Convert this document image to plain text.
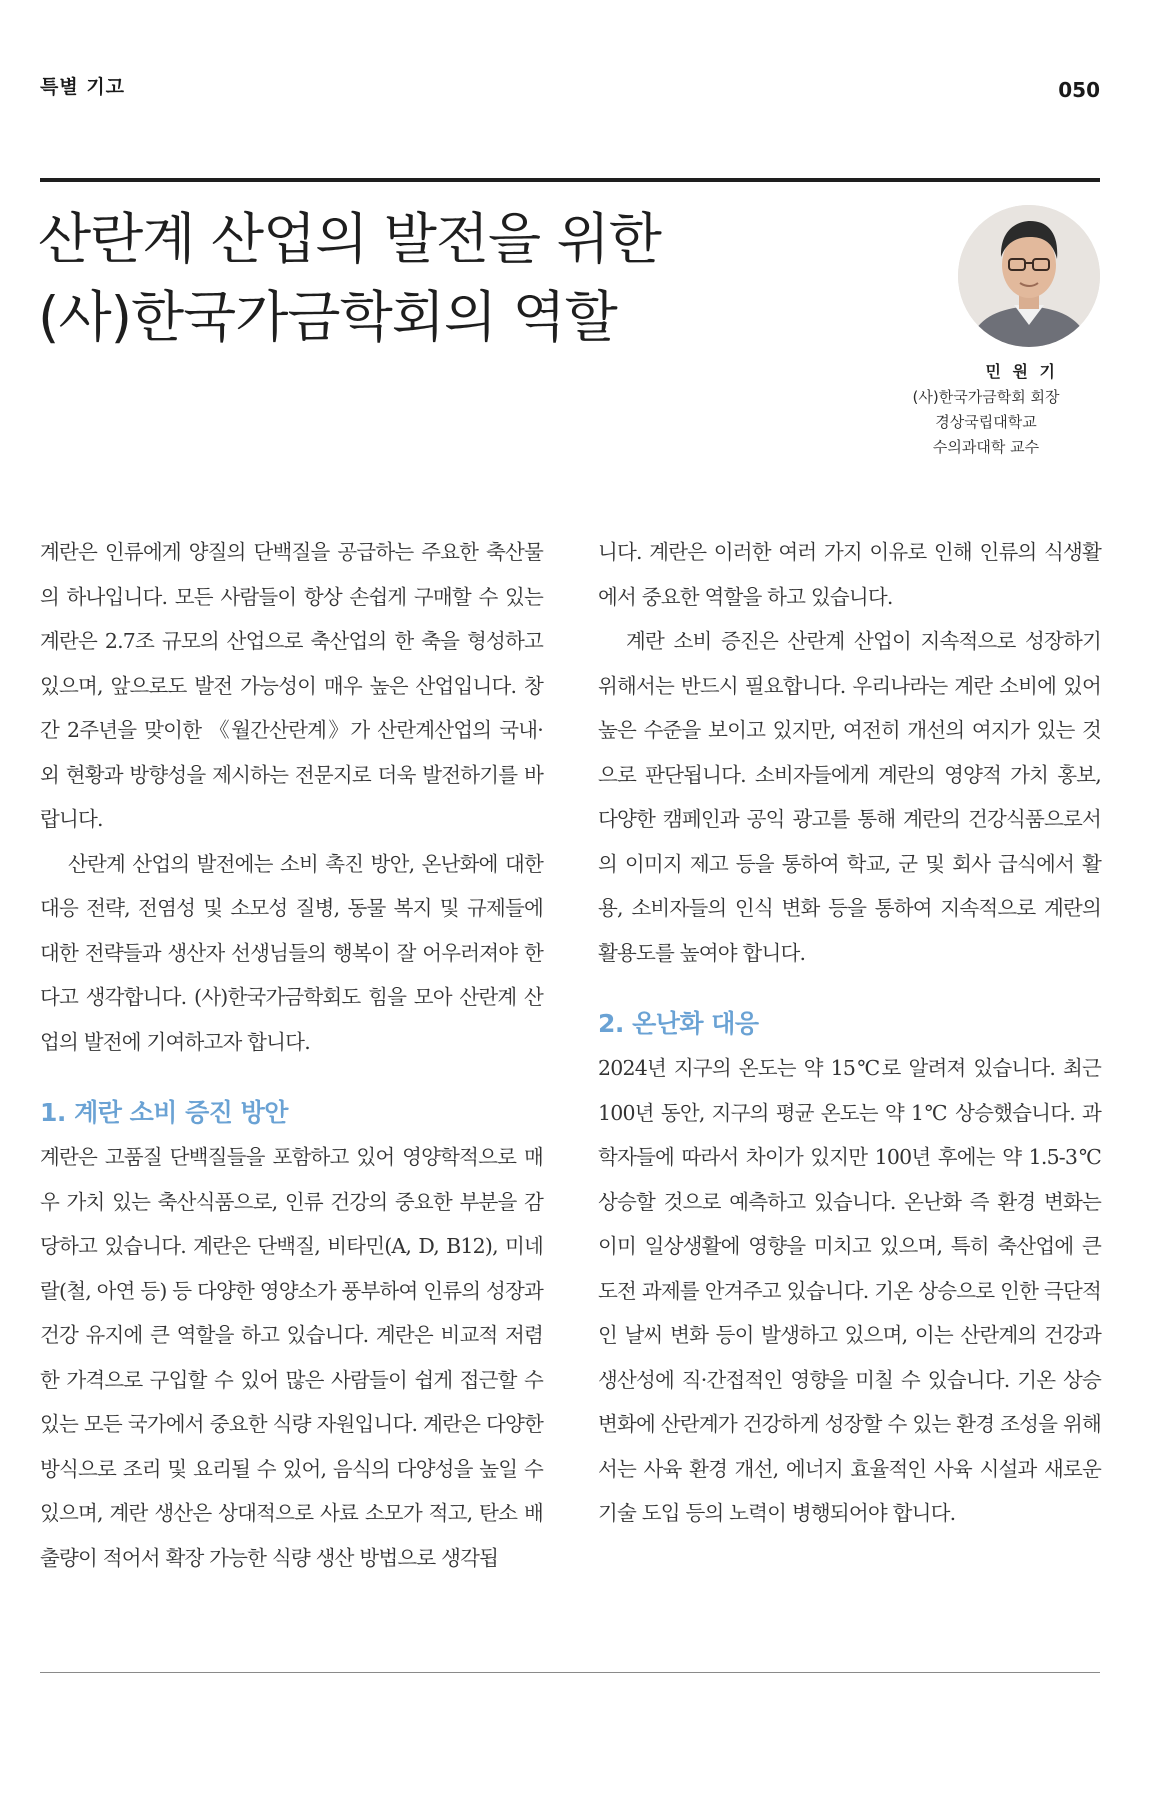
특별 기고	050
산란계 산업의 발전을 위한
(사)한국가금학회의 역할
민 원 기
(사)한국가금학회 회장
경상국립대학교
수의과대학 교수

계란은 인류에게 양질의 단백질을 공급하는 주요한 축산물의 하나입니다. 모든 사람들이 항상 손쉽게 구매할 수 있는 계란은 2.7조 규모의 산업으로 축산업의 한 축을 형성하고 있으며, 앞으로도 발전 가능성이 매우 높은 산업입니다. 창간 2주년을 맞이한 《월간산란계》가 산란계산업의 국내·외 현황과 방향성을 제시하는 전문지로 더욱 발전하기를 바랍니다.

산란계 산업의 발전에는 소비 촉진 방안, 온난화에 대한 대응 전략, 전염성 및 소모성 질병, 동물 복지 및 규제들에 대한 전략들과 생산자 선생님들의 행복이 잘 어우러져야 한다고 생각합니다. (사)한국가금학회도 힘을 모아 산란계 산업의 발전에 기여하고자 합니다.

1. 계란 소비 증진 방안

계란은 고품질 단백질들을 포함하고 있어 영양학적으로 매우 가치 있는 축산식품으로, 인류 건강의 중요한 부분을 감당하고 있습니다. 계란은 단백질, 비타민(A, D, B12), 미네랄(철, 아연 등) 등 다양한 영양소가 풍부하여 인류의 성장과 건강 유지에 큰 역할을 하고 있습니다. 계란은 비교적 저렴한 가격으로 구입할 수 있어 많은 사람들이 쉽게 접근할 수 있는 모든 국가에서 중요한 식량 자원입니다. 계란은 다양한 방식으로 조리 및 요리될 수 있어, 음식의 다양성을 높일 수 있으며, 계란 생산은 상대적으로 사료 소모가 적고, 탄소 배출량이 적어서 확장 가능한 식량 생산 방법으로 생각됩

니다. 계란은 이러한 여러 가지 이유로 인해 인류의 식생활에서 중요한 역할을 하고 있습니다.

계란 소비 증진은 산란계 산업이 지속적으로 성장하기 위해서는 반드시 필요합니다. 우리나라는 계란 소비에 있어 높은 수준을 보이고 있지만, 여전히 개선의 여지가 있는 것으로 판단됩니다. 소비자들에게 계란의 영양적 가치 홍보, 다양한 캠페인과 공익 광고를 통해 계란의 건강식품으로서의 이미지 제고 등을 통하여 학교, 군 및 회사 급식에서 활용, 소비자들의 인식 변화 등을 통하여 지속적으로 계란의 활용도를 높여야 합니다.

2. 온난화 대응

2024년 지구의 온도는 약 15℃로 알려져 있습니다. 최근 100년 동안, 지구의 평균 온도는 약 1℃ 상승했습니다. 과학자들에 따라서 차이가 있지만 100년 후에는 약 1.5-3℃ 상승할 것으로 예측하고 있습니다. 온난화 즉 환경 변화는 이미 일상생활에 영향을 미치고 있으며, 특히 축산업에 큰 도전 과제를 안겨주고 있습니다. 기온 상승으로 인한 극단적인 날씨 변화 등이 발생하고 있으며, 이는 산란계의 건강과 생산성에 직·간접적인 영향을 미칠 수 있습니다. 기온 상승 변화에 산란계가 건강하게 성장할 수 있는 환경 조성을 위해서는 사육 환경 개선, 에너지 효율적인 사육 시설과 새로운 기술 도입 등의 노력이 병행되어야 합니다.
